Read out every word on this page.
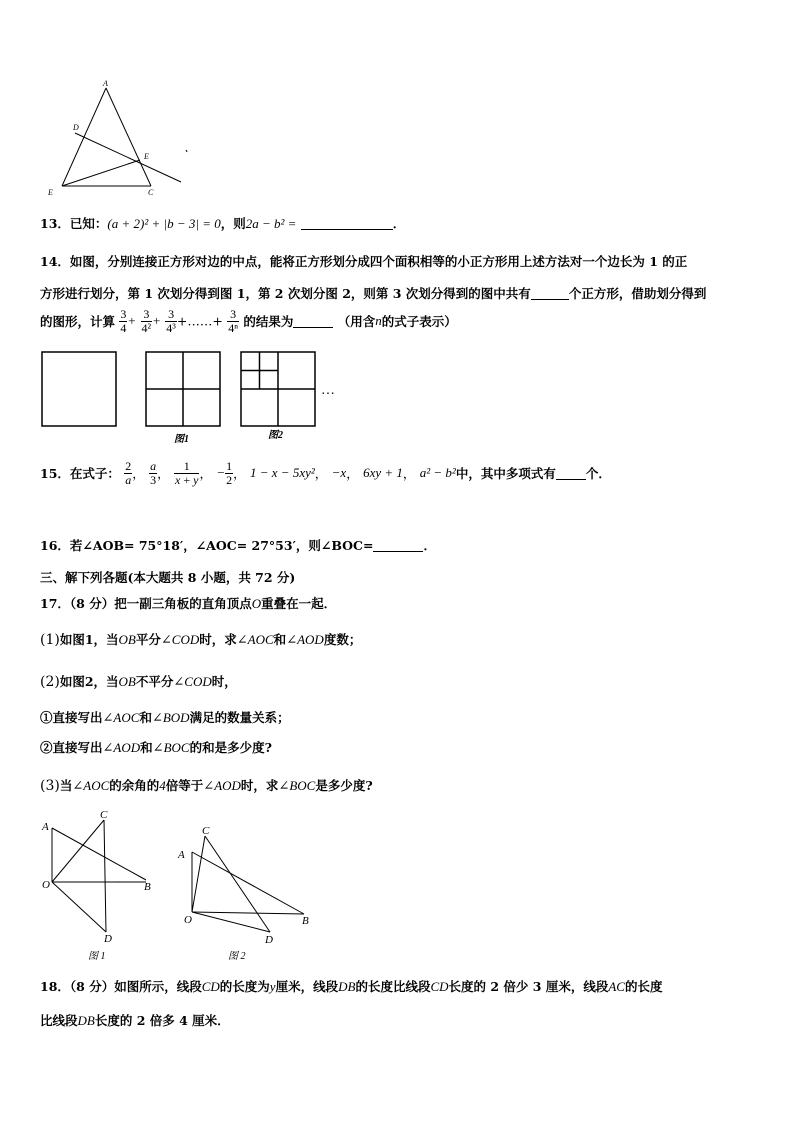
A
D
E
E	C
13．已知：(a + 2)² + |b − 3| = 0，则2a − b² =	．
14．如图，分别连接正方形对边的中点，能将正方形划分成四个面积相等的小正方形用上述方法对一个边长为 1 的正
方形进行划分，第 1 次划分得到图 1，第 2 次划分图 2，则第 3 次划分得到的图中共有	个正方形，借助划分得到
的图形，计算 $\frac{3}{4} + \frac{3}{\text{4²}} + \frac{3}{\text{4³}}$ +……+ $\frac{3}{\text{4ⁿ}}$ 的结果为	（用含n的式子表示）
…
图1	图2
15．在式子： $\frac{2}{a}$ ， $\frac{a}{3}$ ， $\frac{1}{x + y}$ ， − $\frac{1}{2}$ ， 1 − x − 5xy²， −x， 6xy + 1， a² − b²中，其中多项式有 个．
16．若∠AOB= 75°18′，∠AOC= 27°53′，则∠BOC=	．
三、解下列各题(本大题共 8 小题，共 72 分)
17．（8 分）把一副三角板的直角顶点O重叠在一起．
(1)如图1，当OB平分∠COD时，求∠AOC和∠AOD度数；
(2)如图2，当OB不平分∠COD时，
①直接写出∠AOC和∠BOD满足的数量关系；
②直接写出∠AOD和∠BOC的和是多少度?
(3)当∠AOC的余角的4倍等于∠AOD时，求∠BOC是多少度?
A
C
O	B
D
图 1
C
A
O	B
D
图 2
18．（8 分）如图所示，线段CD的长度为y厘米，线段DB的长度比线段CD长度的 2 倍少 3 厘米，线段AC的长度
比线段DB长度的 2 倍多 4 厘米．
